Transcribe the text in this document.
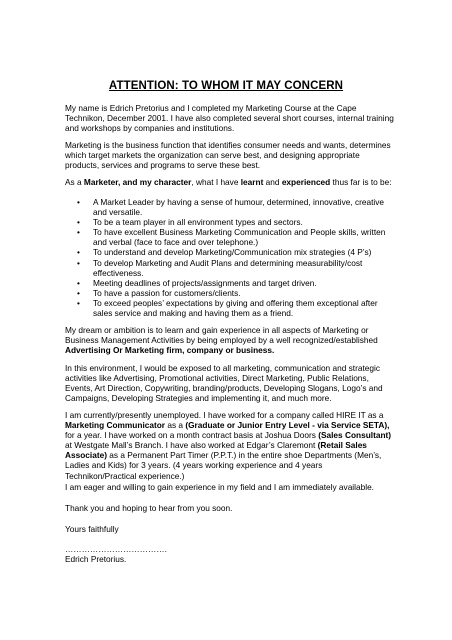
ATTENTION: TO WHOM IT MAY CONCERN

My name is Edrich Pretorius and I completed my Marketing Course at the Cape Technikon, December 2001. I have also completed several short courses, internal training and workshops by companies and institutions.

Marketing is the business function that identifies consumer needs and wants, determines which target markets the organization can serve best, and designing appropriate products, services and programs to serve these best.

As a Marketer, and my character, what I have learnt and experienced thus far is to be:

• A Market Leader by having a sense of humour, determined, innovative, creative and versatile.
• To be a team player in all environment types and sectors.
• To have excellent Business Marketing Communication and People skills, written and verbal (face to face and over telephone.)
• To understand and develop Marketing/Communication mix strategies (4 P’s)
• To develop Marketing and Audit Plans and determining measurability/cost effectiveness.
• Meeting deadlines of projects/assignments and target driven.
• To have a passion for customers/clients.
• To exceed peoples’ expectations by giving and offering them exceptional after sales service and making and having them as a friend.

My dream or ambition is to learn and gain experience in all aspects of Marketing or Business Management Activities by being employed by a well recognized/established Advertising Or Marketing firm, company or business.

In this environment, I would be exposed to all marketing, communication and strategic activities like Advertising, Promotional activities, Direct Marketing, Public Relations, Events, Art Direction, Copywriting, branding/products, Developing Slogans, Logo’s and Campaigns, Developing Strategies and implementing it, and much more.

I am currently/presently unemployed. I have worked for a company called HIRE IT as a Marketing Communicator as a (Graduate or Junior Entry Level - via Service SETA), for a year. I have worked on a month contract basis at Joshua Doors (Sales Consultant) at Westgate Mall’s Branch. I have also worked at Edgar’s Claremont (Retail Sales Associate) as a Permanent Part Timer (P.P.T.) in the entire shoe Departments (Men’s, Ladies and Kids) for 3 years. (4 years working experience and 4 years Technikon/Practical experience.)

I am eager and willing to gain experience in my field and I am immediately available.

Thank you and hoping to hear from you soon.

Yours faithfully

……………………………….

Edrich Pretorius.
